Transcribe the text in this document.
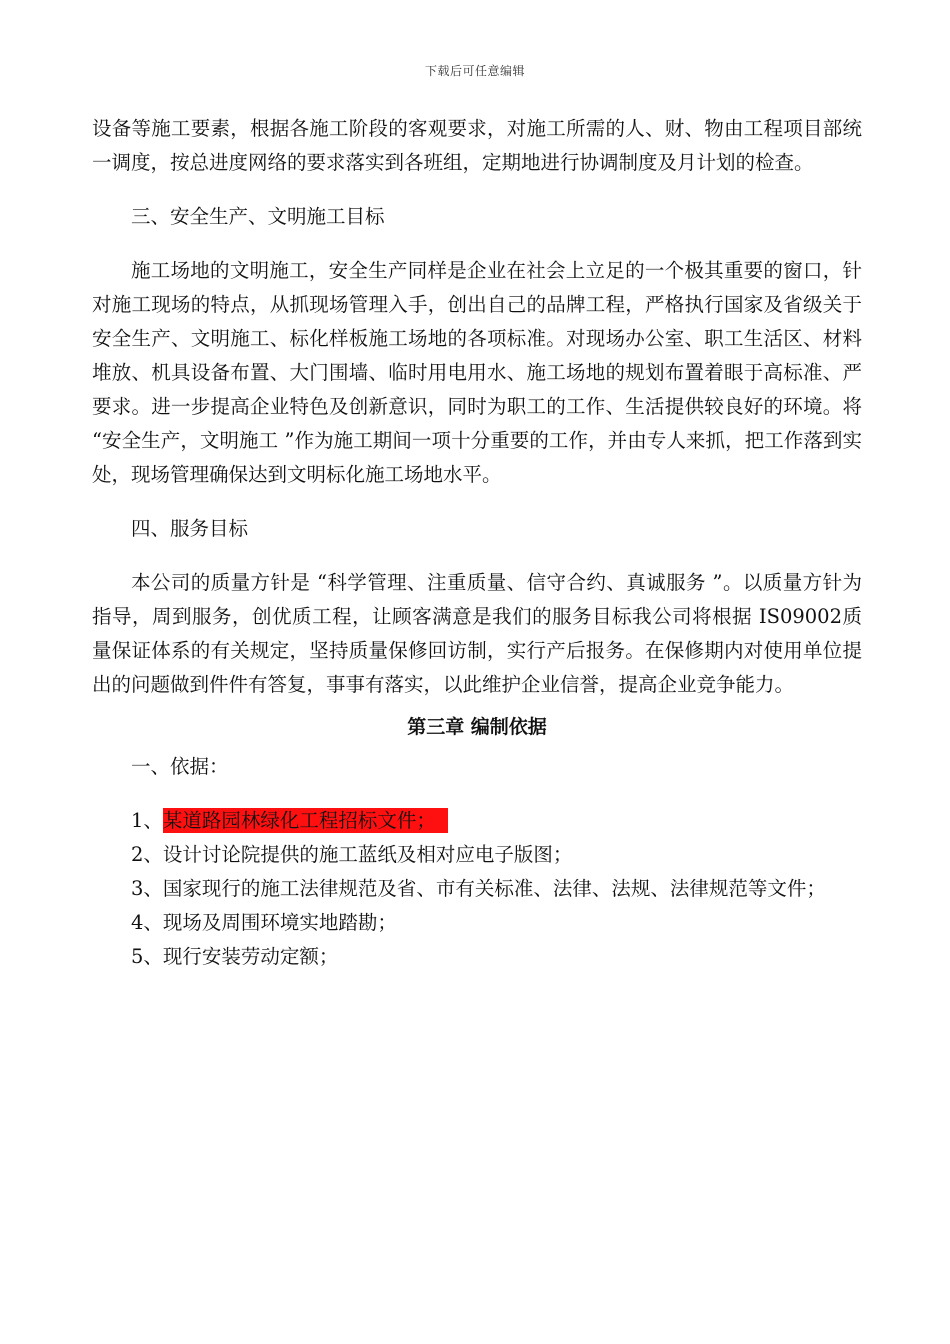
下载后可任意编辑

设备等施工要素，根据各施工阶段的客观要求，对施工所需的人、财、物由工程项目部统一调度，按总进度网络的要求落实到各班组，定期地进行协调制度及月计划的检查。

三、安全生产、文明施工目标

施工场地的文明施工，安全生产同样是企业在社会上立足的一个极其重要的窗口，针对施工现场的特点，从抓现场管理入手，创出自己的品牌工程，严格执行国家及省级关于安全生产、文明施工、标化样板施工场地的各项标准。对现场办公室、职工生活区、材料堆放、机具设备布置、大门围墙、临时用电用水、施工场地的规划布置着眼于高标准、严要求。进一步提高企业特色及创新意识，同时为职工的工作、生活提供较良好的环境。将 “安全生产，文明施工 ”作为施工期间一项十分重要的工作，并由专人来抓，把工作落到实处，现场管理确保达到文明标化施工场地水平。

四、服务目标

本公司的质量方针是 “科学管理、注重质量、信守合约、真诚服务 ”。以质量方针为指导，周到服务，创优质工程，让顾客满意是我们的服务目标我公司将根据 IS09002质量保证体系的有关规定，坚持质量保修回访制，实行产后报务。在保修期内对使用单位提出的问题做到件件有答复，事事有落实，以此维护企业信誉，提高企业竞争能力。

第三章 编制依据

一、依据：

1、某道路园林绿化工程招标文件；

2、设计讨论院提供的施工蓝纸及相对应电子版图；

3、国家现行的施工法律规范及省、市有关标准、法律、法规、法律规范等文件；

4、现场及周围环境实地踏勘；

5、现行安装劳动定额；
